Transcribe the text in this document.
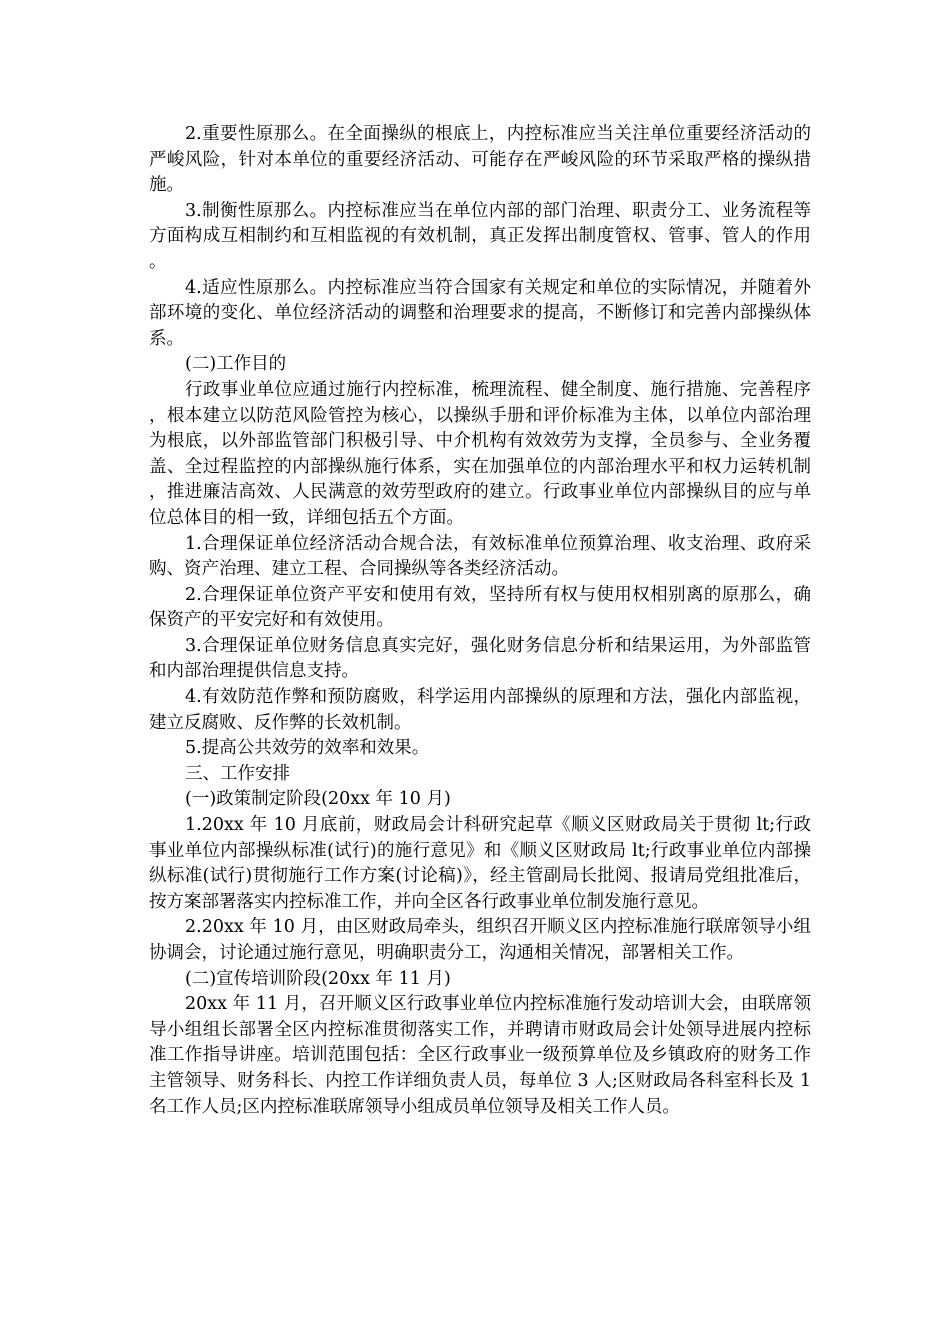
2.重要性原那么。在全面操纵的根底上，内控标准应当关注单位重要经济活动的严峻风险，针对本单位的重要经济活动、可能存在严峻风险的环节采取严格的操纵措施。

3.制衡性原那么。内控标准应当在单位内部的部门治理、职责分工、业务流程等方面构成互相制约和互相监视的有效机制，真正发挥出制度管权、管事、管人的作用。

4.适应性原那么。内控标准应当符合国家有关规定和单位的实际情况，并随着外部环境的变化、单位经济活动的调整和治理要求的提高，不断修订和完善内部操纵体系。

(二)工作目的

行政事业单位应通过施行内控标准，梳理流程、健全制度、施行措施、完善程序，根本建立以防范风险管控为核心，以操纵手册和评价标准为主体，以单位内部治理为根底，以外部监管部门积极引导、中介机构有效效劳为支撑，全员参与、全业务覆盖、全过程监控的内部操纵施行体系，实在加强单位的内部治理水平和权力运转机制，推进廉洁高效、人民满意的效劳型政府的建立。行政事业单位内部操纵目的应与单位总体目的相一致，详细包括五个方面。

1.合理保证单位经济活动合规合法，有效标准单位预算治理、收支治理、政府采购、资产治理、建立工程、合同操纵等各类经济活动。

2.合理保证单位资产平安和使用有效，坚持所有权与使用权相别离的原那么，确保资产的平安完好和有效使用。

3.合理保证单位财务信息真实完好，强化财务信息分析和结果运用，为外部监管和内部治理提供信息支持。

4.有效防范作弊和预防腐败，科学运用内部操纵的原理和方法，强化内部监视，建立反腐败、反作弊的长效机制。

5.提高公共效劳的效率和效果。

三、工作安排

(一)政策制定阶段(20xx 年 10 月)

1.20xx 年 10 月底前，财政局会计科研究起草《顺义区财政局关于贯彻 lt;行政事业单位内部操纵标准(试行)的施行意见》和《顺义区财政局 lt;行政事业单位内部操纵标准(试行)贯彻施行工作方案(讨论稿)》，经主管副局长批阅、报请局党组批准后，按方案部署落实内控标准工作，并向全区各行政事业单位制发施行意见。

2.20xx 年 10 月，由区财政局牵头，组织召开顺义区内控标准施行联席领导小组协调会，讨论通过施行意见，明确职责分工，沟通相关情况，部署相关工作。

(二)宣传培训阶段(20xx 年 11 月)

20xx 年 11 月，召开顺义区行政事业单位内控标准施行发动培训大会，由联席领导小组组长部署全区内控标准贯彻落实工作，并聘请市财政局会计处领导进展内控标准工作指导讲座。培训范围包括：全区行政事业一级预算单位及乡镇政府的财务工作主管领导、财务科长、内控工作详细负责人员，每单位 3 人;区财政局各科室科长及 1 名工作人员;区内控标准联席领导小组成员单位领导及相关工作人员。
